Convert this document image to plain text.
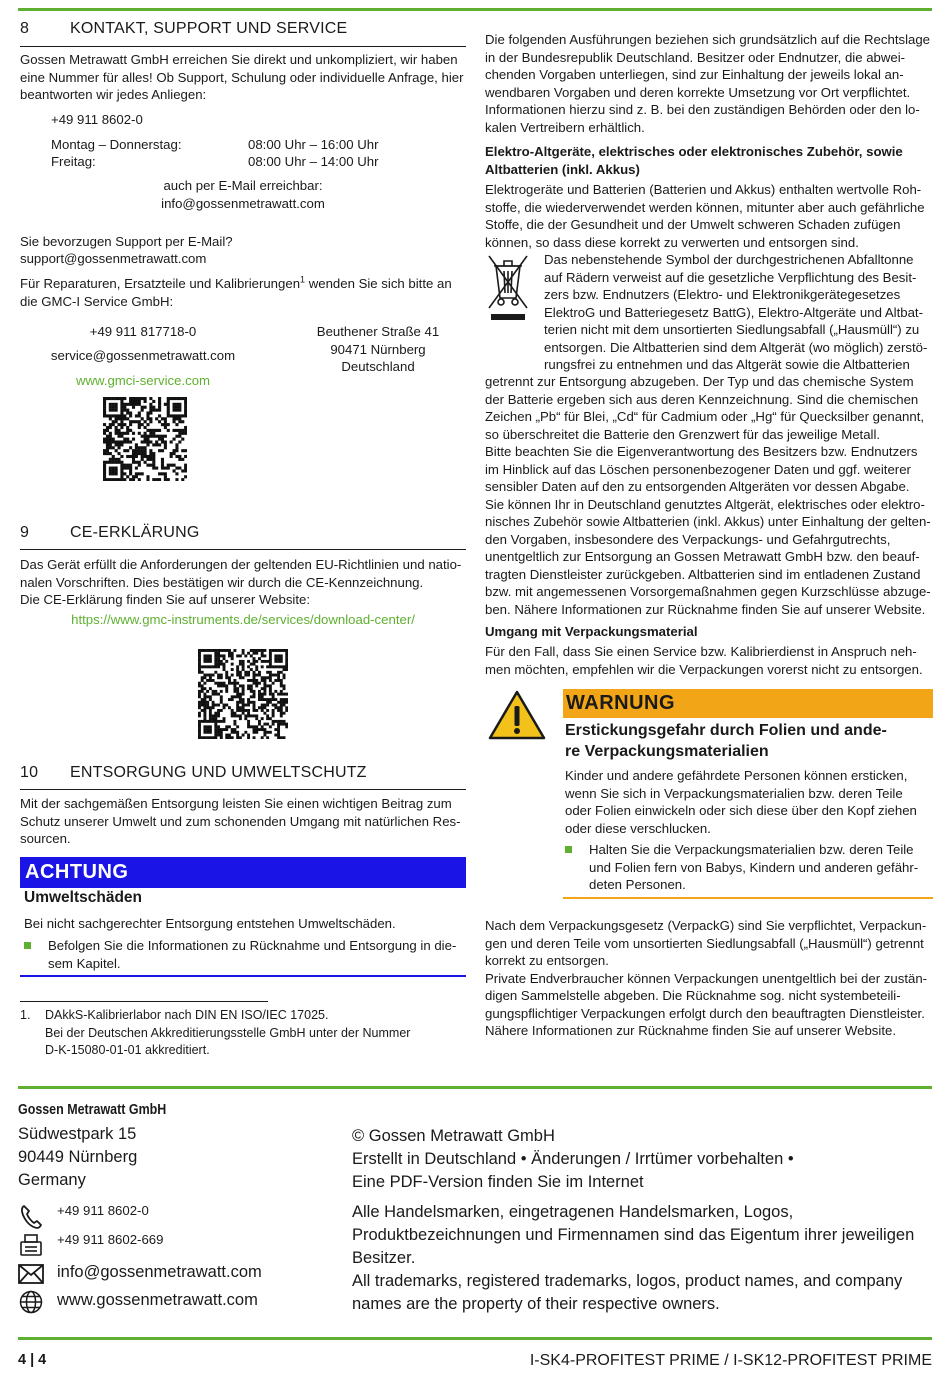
8	KONTAKT, SUPPORT UND SERVICE
Gossen Metrawatt GmbH erreichen Sie direkt und unkompliziert, wir haben
eine Nummer für alles! Ob Support, Schulung oder individuelle Anfrage, hier
beantworten wir jedes Anliegen:
+49 911 8602-0
Montag – Donnerstag:	08:00 Uhr – 16:00 Uhr
Freitag:	08:00 Uhr – 14:00 Uhr
auch per E-Mail erreichbar:
info@gossenmetrawatt.com
Sie bevorzugen Support per E-Mail?
support@gossenmetrawatt.com
Für Reparaturen, Ersatzteile und Kalibrierungen$^1$ wenden Sie sich bitte an
die GMC-I Service GmbH:
+49 911 817718-0
service@gossenmetrawatt.com
www.gmci-service.com
Beuthener Straße 41
90471 Nürnberg
Deutschland
9	CE-ERKLÄRUNG
Das Gerät erfüllt die Anforderungen der geltenden EU-Richtlinien und natio-
nalen Vorschriften. Dies bestätigen wir durch die CE-Kennzeichnung.
Die CE-Erklärung finden Sie auf unserer Website:
https://www.gmc-instruments.de/services/download-center/
10 ENTSORGUNG UND UMWELTSCHUTZ
Mit der sachgemäßen Entsorgung leisten Sie einen wichtigen Beitrag zum
Schutz unserer Umwelt und zum schonenden Umgang mit natürlichen Res-
sourcen.
ACHTUNG
Umweltschäden
Bei nicht sachgerechter Entsorgung entstehen Umweltschäden.
Befolgen Sie die Informationen zu Rücknahme und Entsorgung in die-
sem Kapitel.
1. DAkkS-Kalibrierlabor nach DIN EN ISO/IEC 17025.
Bei der Deutschen Akkreditierungsstelle GmbH unter der Nummer
D-K-15080-01-01 akkreditiert.
Die folgenden Ausführungen beziehen sich grundsätzlich auf die Rechtslage
in der Bundesrepublik Deutschland. Besitzer oder Endnutzer, die abwei-
chenden Vorgaben unterliegen, sind zur Einhaltung der jeweils lokal an-
wendbaren Vorgaben und deren korrekte Umsetzung vor Ort verpflichtet.
Informationen hierzu sind z. B. bei den zuständigen Behörden oder den lo-
kalen Vertreibern erhältlich.
Elektro-Altgeräte, elektrisches oder elektronisches Zubehör, sowie
Altbatterien (inkl. Akkus)
Elektrogeräte und Batterien (Batterien und Akkus) enthalten wertvolle Roh-
stoffe, die wiederverwendet werden können, mitunter aber auch gefährliche
Stoffe, die der Gesundheit und der Umwelt schweren Schaden zufügen
können, so dass diese korrekt zu verwerten und entsorgen sind.
Das nebenstehende Symbol der durchgestrichenen Abfalltonne
auf Rädern verweist auf die gesetzliche Verpflichtung des Besit-
zers bzw. Endnutzers (Elektro- und Elektronikgerätegesetzes
ElektroG und Batteriegesetz BattG), Elektro-Altgeräte und Altbat-
terien nicht mit dem unsortierten Siedlungsabfall („Hausmüll“) zu
entsorgen. Die Altbatterien sind dem Altgerät (wo möglich) zerstö-
rungsfrei zu entnehmen und das Altgerät sowie die Altbatterien
getrennt zur Entsorgung abzugeben. Der Typ und das chemische System
der Batterie ergeben sich aus deren Kennzeichnung. Sind die chemischen
Zeichen „Pb“ für Blei, „Cd“ für Cadmium oder „Hg“ für Quecksilber genannt,
so überschreitet die Batterie den Grenzwert für das jeweilige Metall.
Bitte beachten Sie die Eigenverantwortung des Besitzers bzw. Endnutzers
im Hinblick auf das Löschen personenbezogener Daten und ggf. weiterer
sensibler Daten auf den zu entsorgenden Altgeräten vor dessen Abgabe.
Sie können Ihr in Deutschland genutztes Altgerät, elektrisches oder elektro-
nisches Zubehör sowie Altbatterien (inkl. Akkus) unter Einhaltung der gelten-
den Vorgaben, insbesondere des Verpackungs- und Gefahrgutrechts,
unentgeltlich zur Entsorgung an Gossen Metrawatt GmbH bzw. den beauf-
tragten Dienstleister zurückgeben. Altbatterien sind im entladenen Zustand
bzw. mit angemessenen Vorsorgemaßnahmen gegen Kurzschlüsse abzuge-
ben. Nähere Informationen zur Rücknahme finden Sie auf unserer Website.
Umgang mit Verpackungsmaterial
Für den Fall, dass Sie einen Service bzw. Kalibrierdienst in Anspruch neh-
men möchten, empfehlen wir die Verpackungen vorerst nicht zu entsorgen.
WARNUNG
Erstickungsgefahr durch Folien und ande-
re Verpackungsmaterialien
Kinder und andere gefährdete Personen können ersticken,
wenn Sie sich in Verpackungsmaterialien bzw. deren Teile
oder Folien einwickeln oder sich diese über den Kopf ziehen
oder diese verschlucken.
Halten Sie die Verpackungsmaterialien bzw. deren Teile
und Folien fern von Babys, Kindern und anderen gefähr-
deten Personen.
Nach dem Verpackungsgesetz (VerpackG) sind Sie verpflichtet, Verpackun-
gen und deren Teile vom unsortierten Siedlungsabfall („Hausmüll“) getrennt
korrekt zu entsorgen.
Private Endverbraucher können Verpackungen unentgeltlich bei der zustän-
digen Sammelstelle abgeben. Die Rücknahme sog. nicht systembeteili-
gungspflichtiger Verpackungen erfolgt durch den beauftragten Dienstleister.
Nähere Informationen zur Rücknahme finden Sie auf unserer Website.
Gossen Metrawatt GmbH
Südwestpark 15
90449 Nürnberg
Germany
+49 911 8602-0
+49 911 8602-669
info@gossenmetrawatt.com
www.gossenmetrawatt.com
© Gossen Metrawatt GmbH
Erstellt in Deutschland • Änderungen / Irrtümer vorbehalten •
Eine PDF-Version finden Sie im Internet
Alle Handelsmarken, eingetragenen Handelsmarken, Logos,
Produktbezeichnungen und Firmennamen sind das Eigentum ihrer jeweiligen
Besitzer.
All trademarks, registered trademarks, logos, product names, and company
names are the property of their respective owners.
4 | 4	I-SK4-PROFITEST PRIME / I-SK12-PROFITEST PRIME
